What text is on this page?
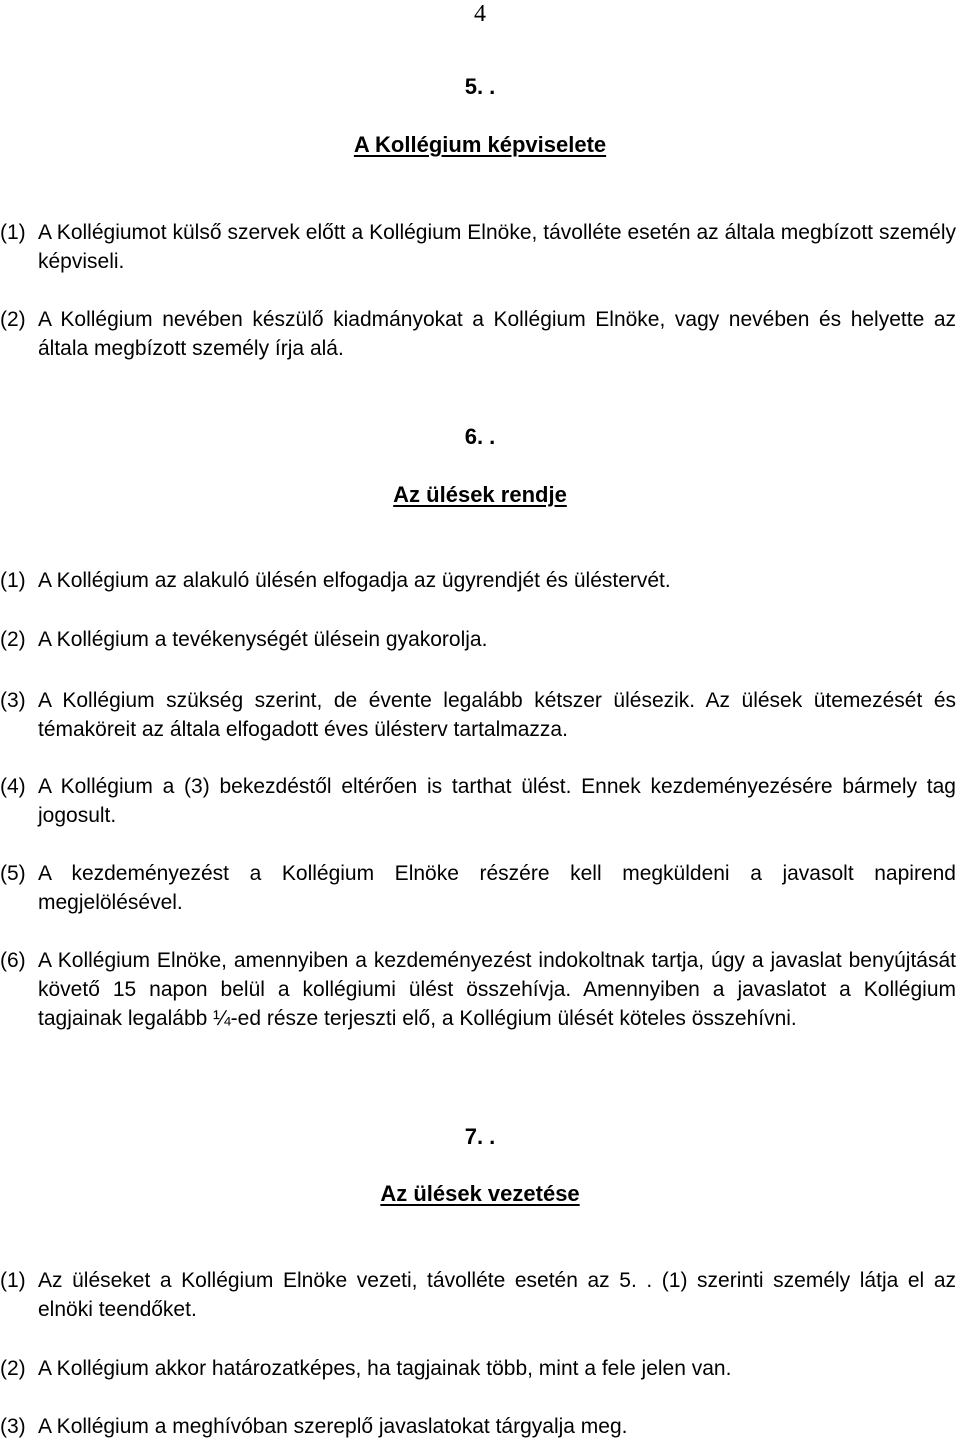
4
5. .
A Kollégium képviselete
(1) A Kollégiumot külső szervek előtt a Kollégium Elnöke, távolléte esetén az általa megbízott személy képviseli.
(2) A Kollégium nevében készülő kiadmányokat a Kollégium Elnöke, vagy nevében és helyette az általa megbízott személy írja alá.
6. .
Az ülések rendje
(1) A Kollégium az alakuló ülésén elfogadja az ügyrendjét és üléstervét.
(2) A Kollégium a tevékenységét ülésein gyakorolja.
(3) A Kollégium szükség szerint, de évente legalább kétszer ülésezik. Az ülések ütemezését és témaköreit az általa elfogadott éves ülésterv tartalmazza.
(4) A Kollégium a (3) bekezdéstől eltérően is tarthat ülést. Ennek kezdeményezésére bármely tag jogosult.
(5) A kezdeményezést a Kollégium Elnöke részére kell megküldeni a javasolt napirend megjelölésével.
(6) A Kollégium Elnöke, amennyiben a kezdeményezést indokoltnak tartja, úgy a javaslat benyújtását követő 15 napon belül a kollégiumi ülést összehívja. Amennyiben a javaslatot a Kollégium tagjainak legalább ¼-ed része terjeszti elő, a Kollégium ülését köteles összehívni.
7. .
Az ülések vezetése
(1) Az üléseket a Kollégium Elnöke vezeti, távolléte esetén az 5. . (1) szerinti személy látja el az elnöki teendőket.
(2) A Kollégium akkor határozatképes, ha tagjainak több, mint a fele jelen van.
(3) A Kollégium a meghívóban szereplő javaslatokat tárgyalja meg.
